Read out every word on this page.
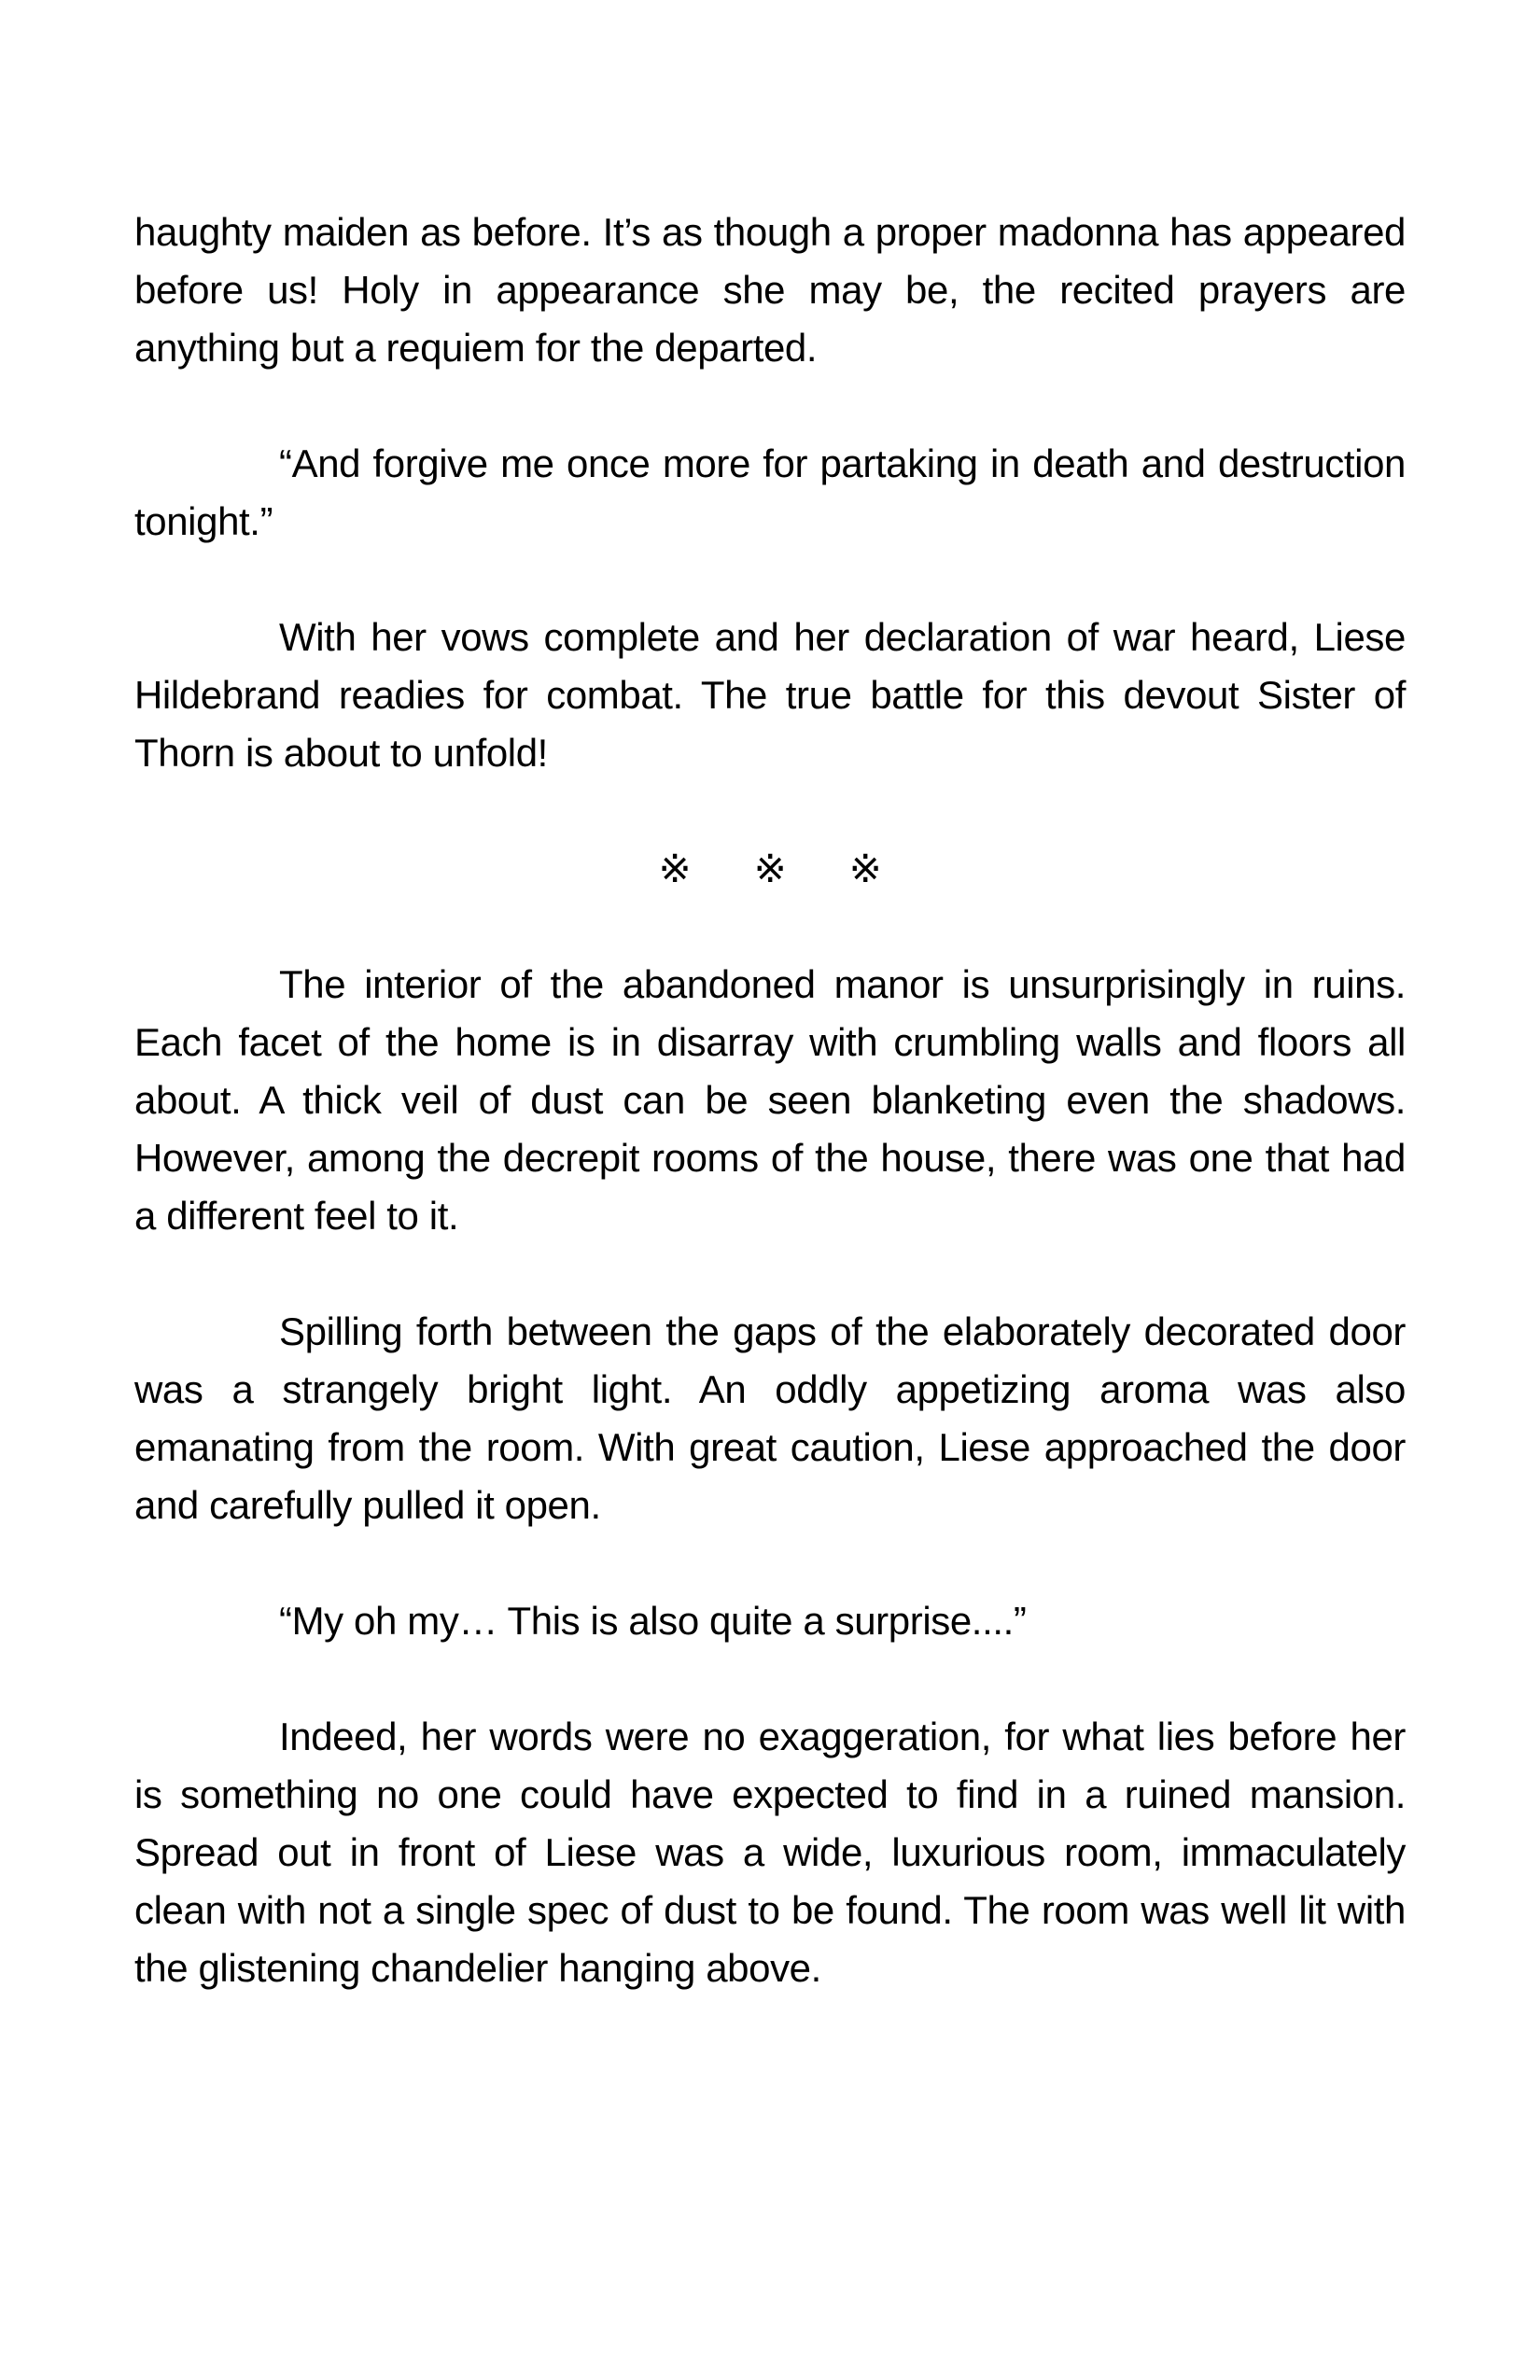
haughty maiden as before. It’s as though a proper madonna has appeared before us! Holy in appearance she may be, the recited prayers are anything but a requiem for the departed.

“And forgive me once more for partaking in death and destruction tonight.”

With her vows complete and her declaration of war heard, Liese Hildebrand readies for combat. The true battle for this devout Sister of Thorn is about to unfold!

※ ※ ※

The interior of the abandoned manor is unsurprisingly in ruins. Each facet of the home is in disarray with crumbling walls and floors all about. A thick veil of dust can be seen blanketing even the shadows. However, among the decrepit rooms of the house, there was one that had a different feel to it.

Spilling forth between the gaps of the elaborately decorated door was a strangely bright light. An oddly appetizing aroma was also emanating from the room. With great caution, Liese approached the door and carefully pulled it open.

“My oh my… This is also quite a surprise....”

Indeed, her words were no exaggeration, for what lies before her is something no one could have expected to find in a ruined mansion. Spread out in front of Liese was a wide, luxurious room, immaculately clean with not a single spec of dust to be found. The room was well lit with the glistening chandelier hanging above.
